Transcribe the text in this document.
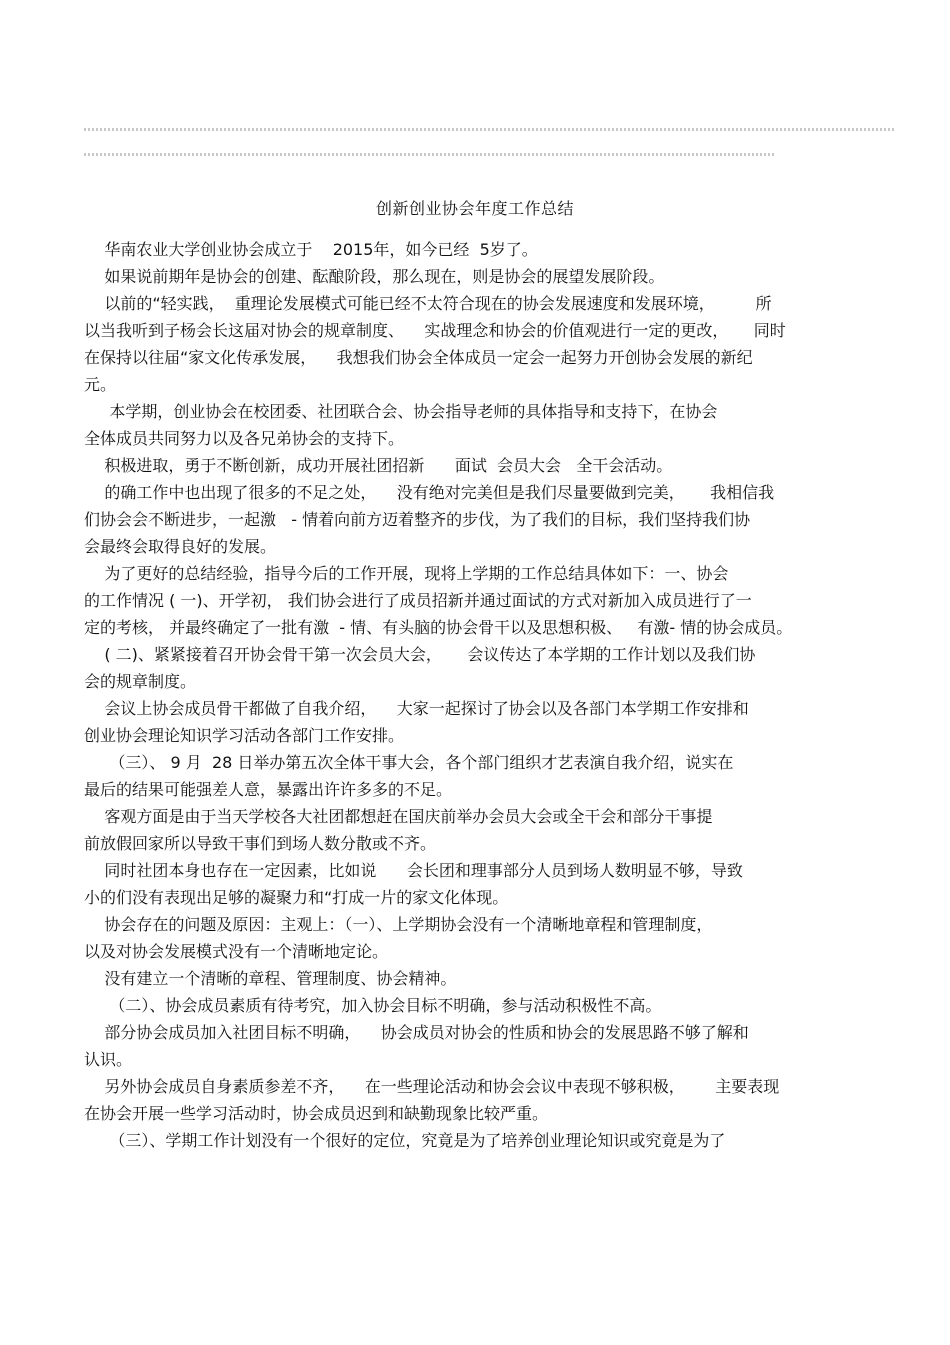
创新创业协会年度工作总结
华南农业大学创业协会成立于    2015年，如今已经  5岁了。
如果说前期年是协会的创建、酝酿阶段，那么现在，则是协会的展望发展阶段。
以前的“轻实践，  重理论发展模式可能已经不太符合现在的协会发展速度和发展环境，        所
以当我听到子杨会长这届对协会的规章制度、    实战理念和协会的价值观进行一定的更改，     同时
在保持以往届“家文化传承发展，    我想我们协会全体成员一定会一起努力开创协会发展的新纪
元。
本学期，创业协会在校团委、社团联合会、协会指导老师的具体指导和支持下，在协会
全体成员共同努力以及各兄弟协会的支持下。
积极进取，勇于不断创新，成功开展社团招新      面试  会员大会   全干会活动。
的确工作中也出现了很多的不足之处，    没有绝对完美但是我们尽量要做到完美，     我相信我
们协会会不断进步，一起激   - 情着向前方迈着整齐的步伐，为了我们的目标，我们坚持我们协
会最终会取得良好的发展。
为了更好的总结经验，指导今后的工作开展，现将上学期的工作总结具体如下：一、协会
的工作情况 ( 一)、开学初， 我们协会进行了成员招新并通过面试的方式对新加入成员进行了一
定的考核， 并最终确定了一批有激  - 情、有头脑的协会骨干以及思想积极、   有激- 情的协会成员。
( 二)、紧紧接着召开协会骨干第一次会员大会，     会议传达了本学期的工作计划以及我们协
会的规章制度。
会议上协会成员骨干都做了自我介绍，    大家一起探讨了协会以及各部门本学期工作安排和
创业协会理论知识学习活动各部门工作安排。
（三）、 9 月  28 日举办第五次全体干事大会，各个部门组织才艺表演自我介绍，说实在
最后的结果可能强差人意，暴露出许许多多的不足。
客观方面是由于当天学校各大社团都想赶在国庆前举办会员大会或全干会和部分干事提
前放假回家所以导致干事们到场人数分散或不齐。
同时社团本身也存在一定因素，比如说      会长团和理事部分人员到场人数明显不够，导致
小的们没有表现出足够的凝聚力和“打成一片的家文化体现。
协会存在的问题及原因：主观上：（一）、上学期协会没有一个清晰地章程和管理制度，
以及对协会发展模式没有一个清晰地定论。
没有建立一个清晰的章程、管理制度、协会精神。
（二）、协会成员素质有待考究，加入协会目标不明确，参与活动积极性不高。
部分协会成员加入社团目标不明确，    协会成员对协会的性质和协会的发展思路不够了解和
认识。
另外协会成员自身素质参差不齐，    在一些理论活动和协会会议中表现不够积极，      主要表现
在协会开展一些学习活动时，协会成员迟到和缺勤现象比较严重。
（三）、学期工作计划没有一个很好的定位，究竟是为了培养创业理论知识或究竟是为了
